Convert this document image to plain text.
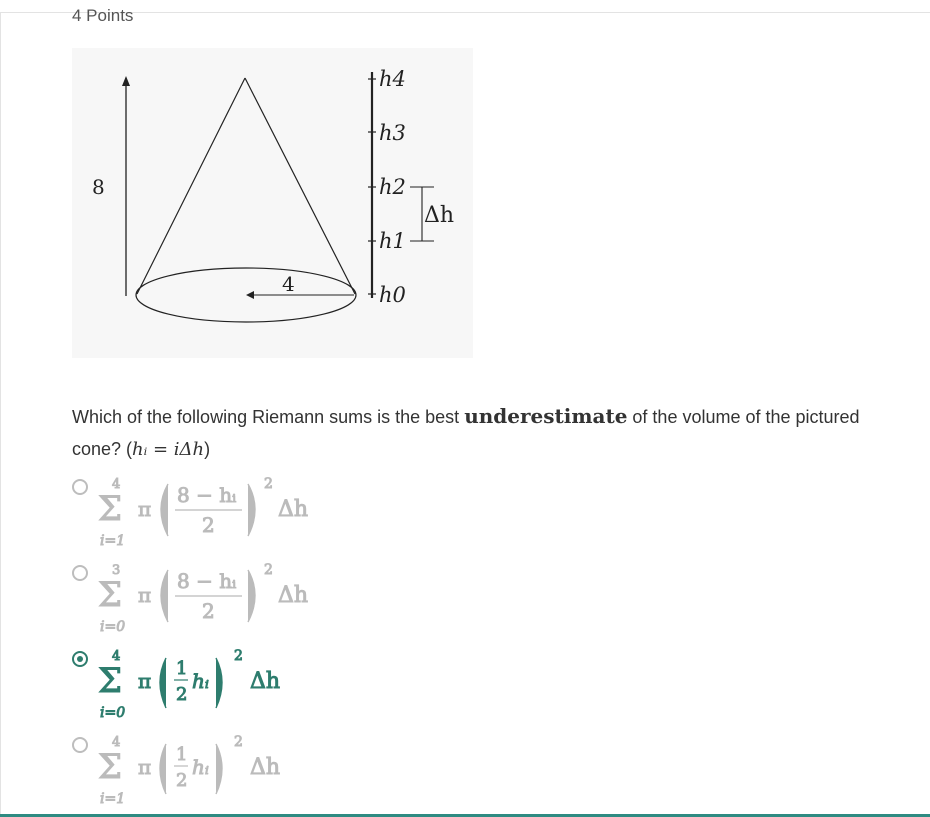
4 Points
8
4
h4
h3
h2
h1
h0
Δh
Which of the following Riemann sums is the best underestimate of the volume of the pictured cone? (hᵢ = iΔh)
4
Σ
i=1
π
8 − hᵢ
2
2
Δh
3
Σ
i=0
π
8 − hᵢ
2
2
Δh
4
Σ
i=0
π
1
2
hᵢ
2
Δh
4
Σ
i=1
π
1
2
hᵢ
2
Δh
